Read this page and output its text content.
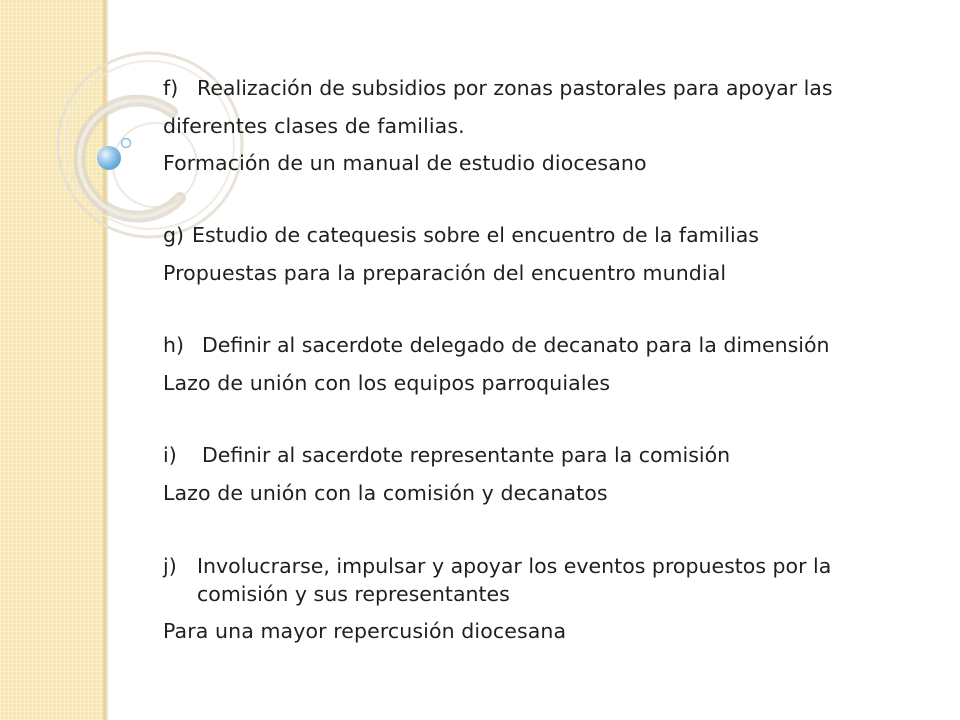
f) Realización de subsidios por zonas pastorales para apoyar las
diferentes clases de familias.
Formación de un manual de estudio diocesano
g) Estudio de catequesis sobre el encuentro de la familias
Propuestas para la preparación del encuentro mundial
h) Definir al sacerdote delegado de decanato para la dimensión
Lazo de unión con los equipos parroquiales
i) Definir al sacerdote representante para la comisión
Lazo de unión con la comisión y decanatos
j) Involucrarse, impulsar y apoyar los eventos propuestos por la
comisión y sus representantes
Para una mayor repercusión diocesana
